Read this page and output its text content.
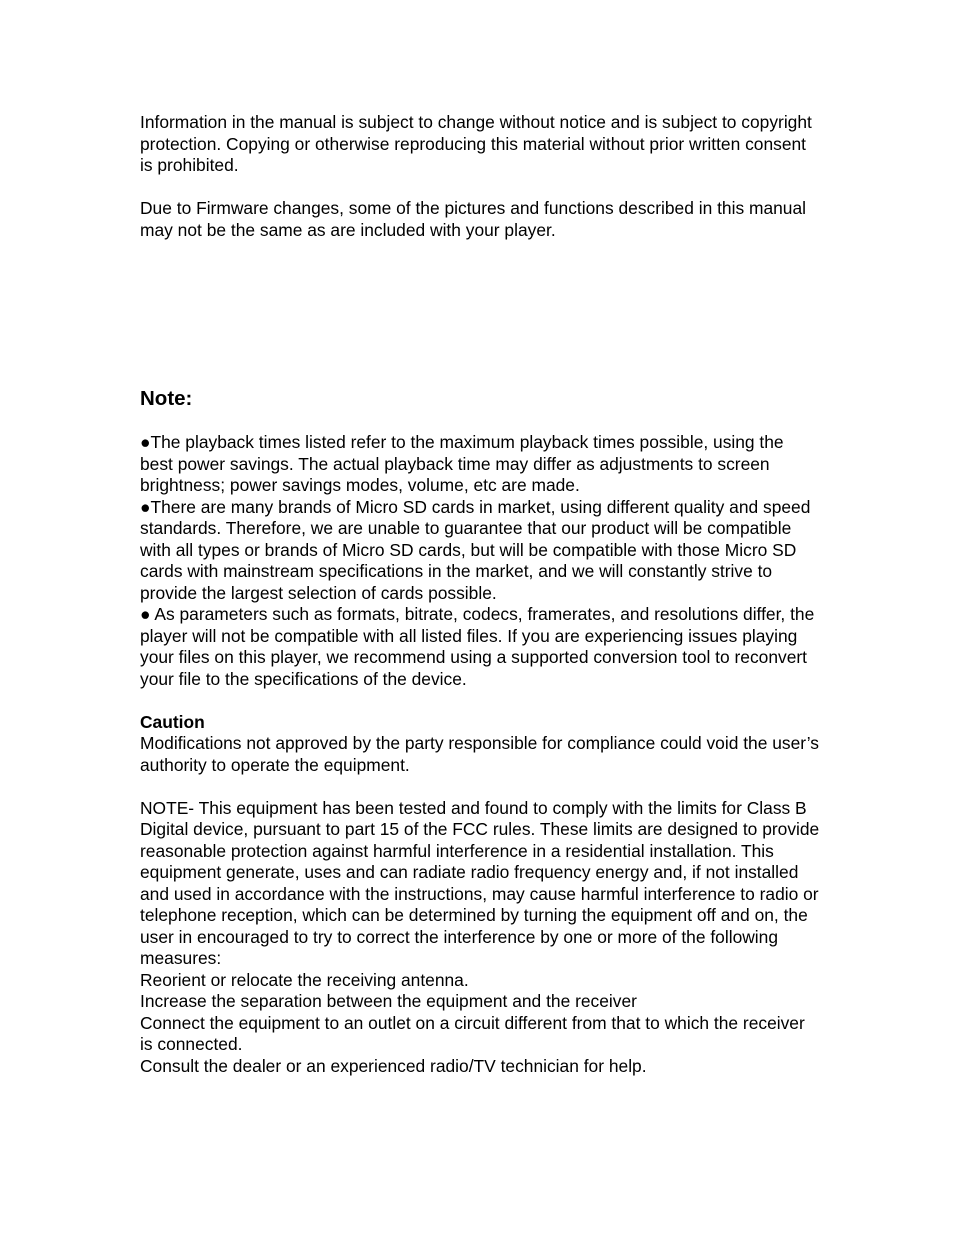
Information in the manual is subject to change without notice and is subject to copyright protection. Copying or otherwise reproducing this material without prior written consent is prohibited.

Due to Firmware changes, some of the pictures and functions described in this manual may not be the same as are included with your player.

Note:

●The playback times listed refer to the maximum playback times possible, using the best power savings. The actual playback time may differ as adjustments to screen brightness; power savings modes, volume, etc are made.

●There are many brands of Micro SD cards in market, using different quality and speed standards. Therefore, we are unable to guarantee that our product will be compatible with all types or brands of Micro SD cards, but will be compatible with those Micro SD cards with mainstream specifications in the market, and we will constantly strive to provide the largest selection of cards possible.

● As parameters such as formats, bitrate, codecs, framerates, and resolutions differ, the player will not be compatible with all listed files. If you are experiencing issues playing your files on this player, we recommend using a supported conversion tool to reconvert your file to the specifications of the device.

Caution

Modifications not approved by the party responsible for compliance could void the user’s authority to operate the equipment.

NOTE- This equipment has been tested and found to comply with the limits for Class B Digital device, pursuant to part 15 of the FCC rules. These limits are designed to provide reasonable protection against harmful interference in a residential installation. This equipment generate, uses and can radiate radio frequency energy and, if not installed and used in accordance with the instructions, may cause harmful interference to radio or telephone reception, which can be determined by turning the equipment off and on, the user in encouraged to try to correct the interference by one or more of the following measures:

Reorient or relocate the receiving antenna.

Increase the separation between the equipment and the receiver

Connect the equipment to an outlet on a circuit different from that to which the receiver is connected.

Consult the dealer or an experienced radio/TV technician for help.
